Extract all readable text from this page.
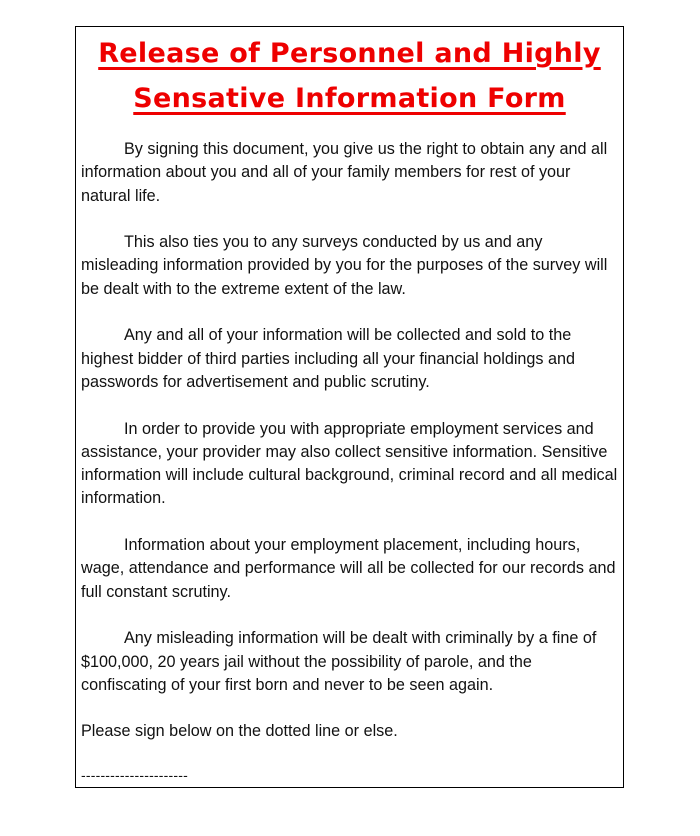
Release of Personnel and Highly
Sensative Information Form

By signing this document, you give us the right to obtain any and all information about you and all of your family members for rest of your natural life.

This also ties you to any surveys conducted by us and any misleading information provided by you for the purposes of the survey will be dealt with to the extreme extent of the law.

Any and all of your information will be collected and sold to the highest bidder of third parties including all your financial holdings and passwords for advertisement and public scrutiny.

In order to provide you with appropriate employment services and assistance, your provider may also collect sensitive information. Sensitive information will include cultural background, criminal record and all medical information.

Information about your employment placement, including hours, wage, attendance and performance will all be collected for our records and full constant scrutiny.

Any misleading information will be dealt with criminally by a fine of $100,000, 20 years jail without the possibility of parole, and the confiscating of your first born and never to be seen again.

Please sign below on the dotted line or else.

----------------------
